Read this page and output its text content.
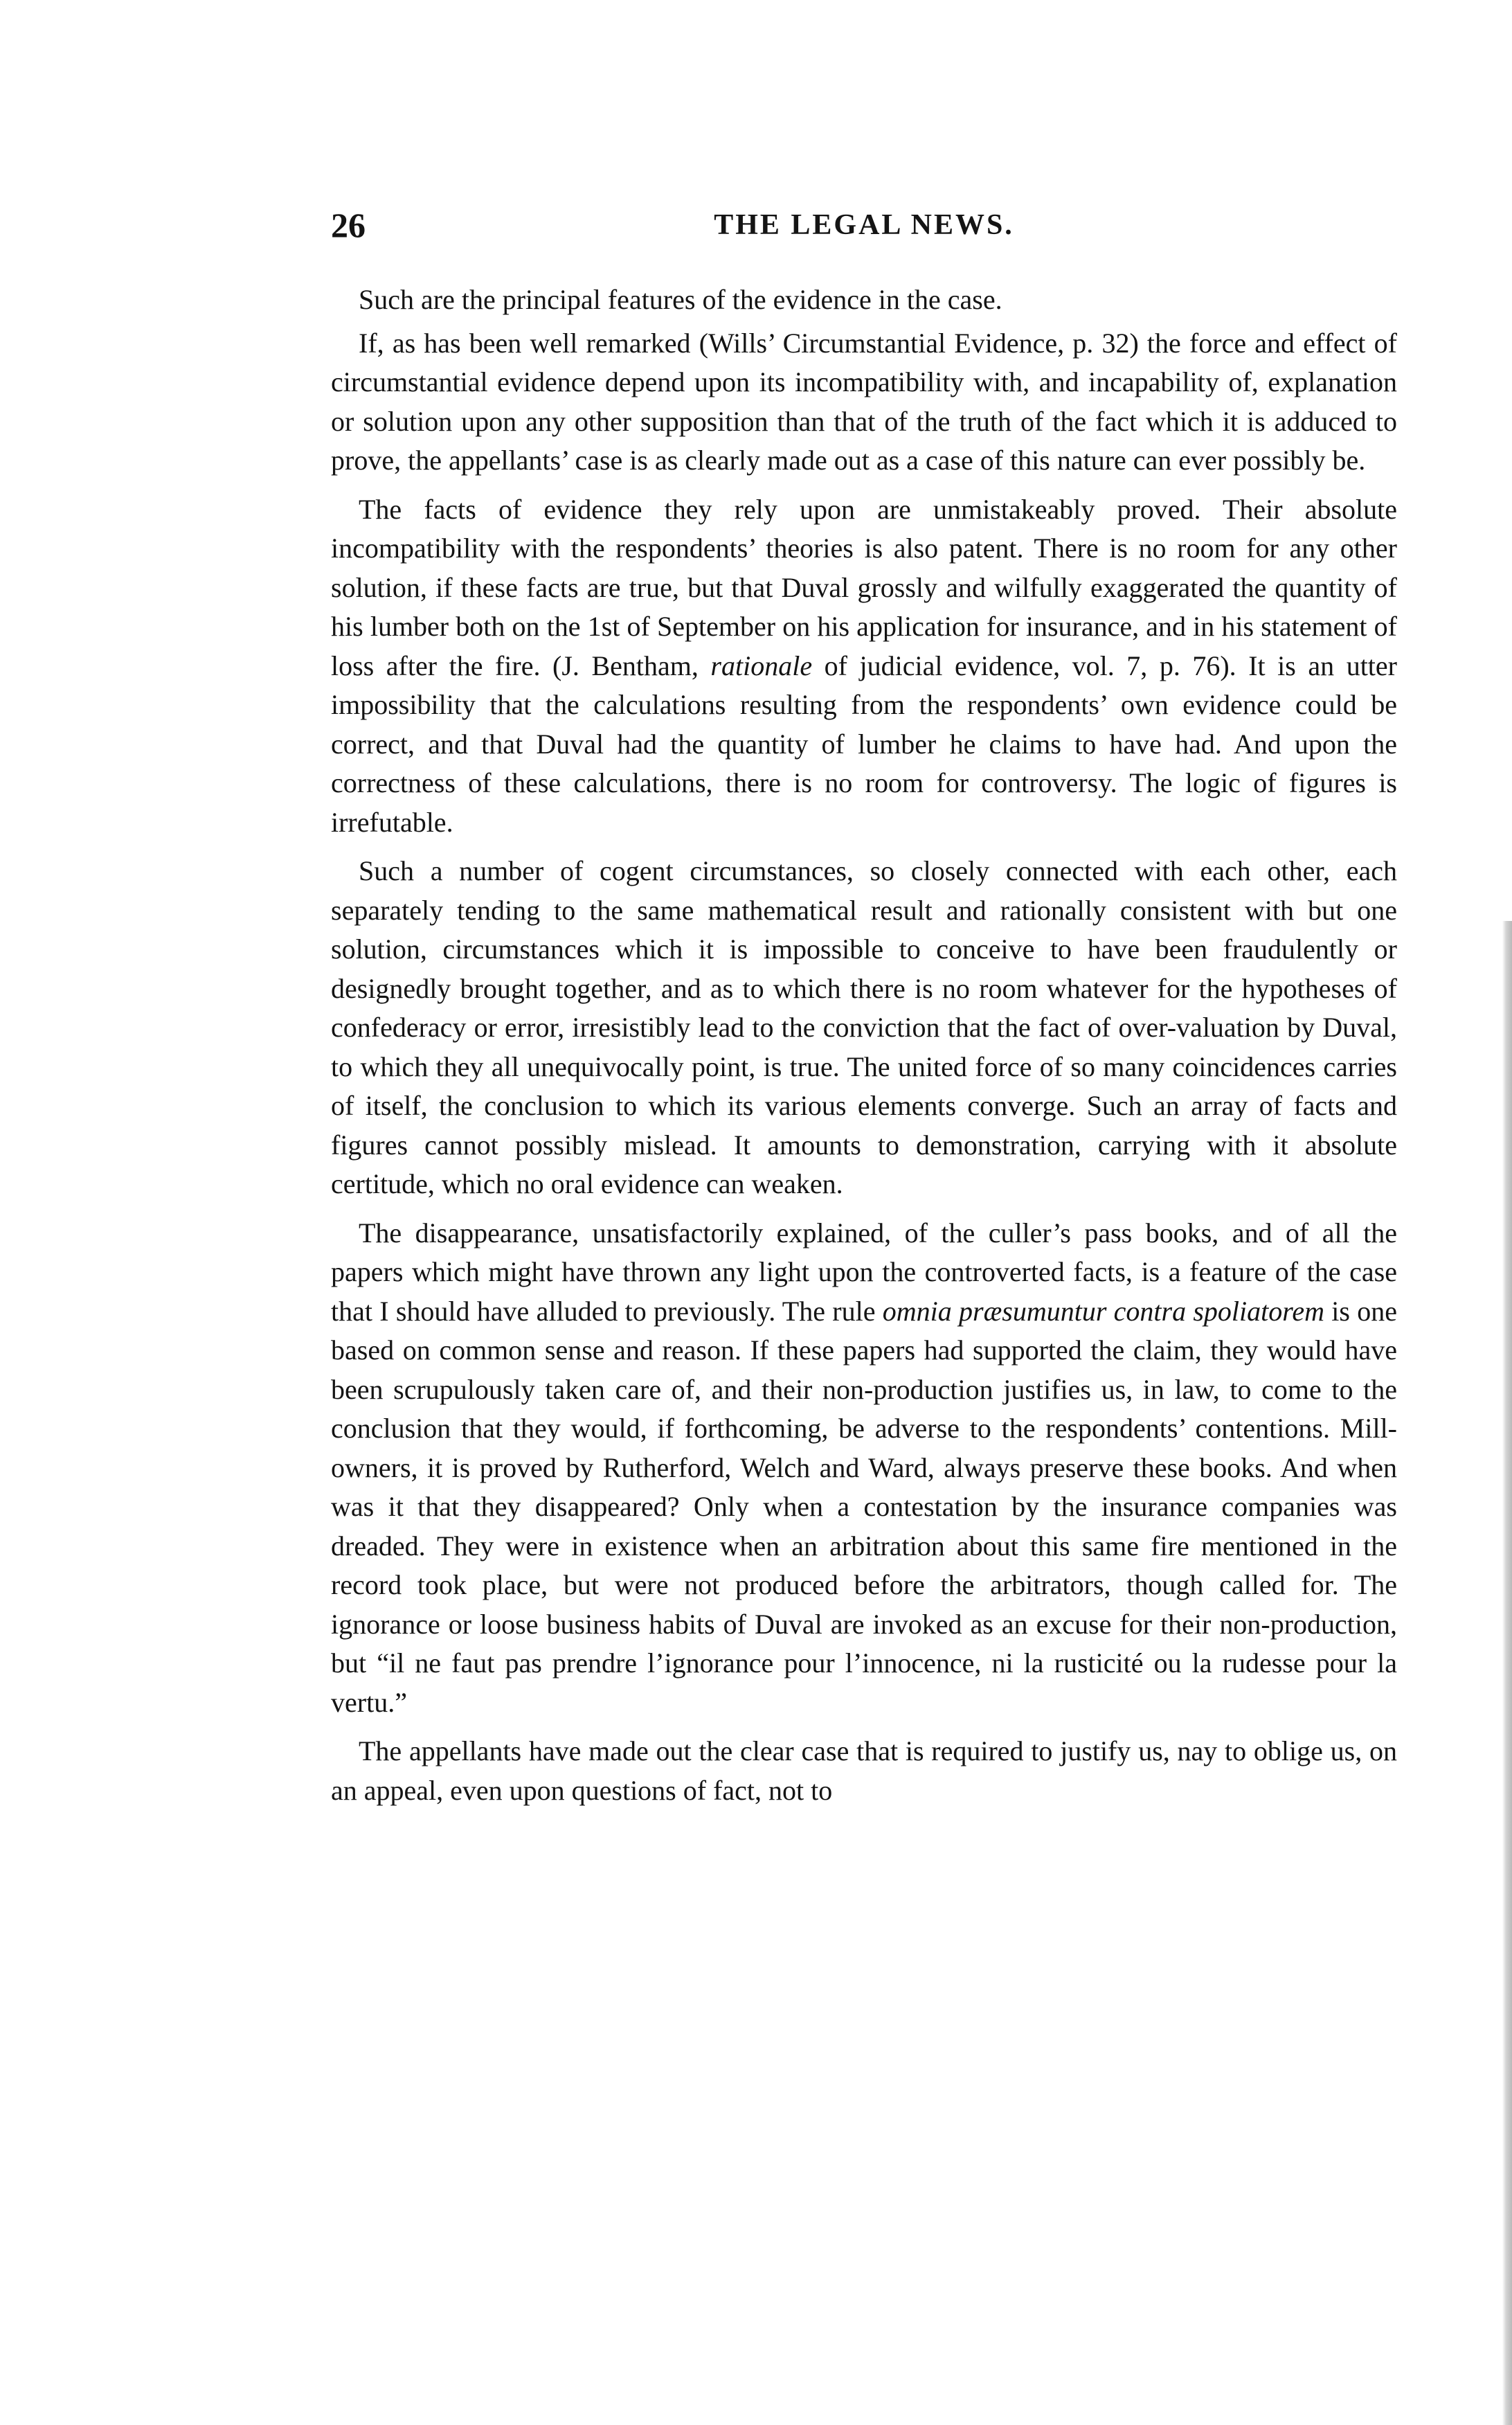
26	THE LEGAL NEWS.

Such are the principal features of the evidence in the case.

If, as has been well remarked (Wills’ Circumstantial Evidence, p. 32) the force and effect of circumstantial evidence depend upon its incompatibility with, and incapability of, explanation or solution upon any other supposition than that of the truth of the fact which it is adduced to prove, the appellants’ case is as clearly made out as a case of this nature can ever possibly be.

The facts of evidence they rely upon are unmistakeably proved. Their absolute incompatibility with the respondents’ theories is also patent. There is no room for any other solution, if these facts are true, but that Duval grossly and wilfully exaggerated the quantity of his lumber both on the 1st of September on his application for insurance, and in his statement of loss after the fire. (J. Bentham, rationale of judicial evidence, vol. 7, p. 76). It is an utter impossibility that the calculations resulting from the respondents’ own evidence could be correct, and that Duval had the quantity of lumber he claims to have had. And upon the correctness of these calculations, there is no room for controversy. The logic of figures is irrefutable.

Such a number of cogent circumstances, so closely connected with each other, each separately tending to the same mathematical result and rationally consistent with but one solution, circumstances which it is impossible to conceive to have been fraudulently or designedly brought together, and as to which there is no room whatever for the hypotheses of confederacy or error, irresistibly lead to the conviction that the fact of over-valuation by Duval, to which they all unequivocally point, is true. The united force of so many coincidences carries of itself, the conclusion to which its various elements converge. Such an array of facts and figures cannot possibly mislead. It amounts to demonstration, carrying with it absolute certitude, which no oral evidence can weaken.

The disappearance, unsatisfactorily explained, of the culler’s pass books, and of all the papers which might have thrown any light upon the controverted facts, is a feature of the case that I should have alluded to previously. The rule omnia præsumuntur contra spoliatorem is one based on common sense and reason. If these papers had supported the claim, they would have been scrupulously taken care of, and their non-production justifies us, in law, to come to the conclusion that they would, if forthcoming, be adverse to the respondents’ contentions. Mill-owners, it is proved by Rutherford, Welch and Ward, always preserve these books. And when was it that they disappeared? Only when a contestation by the insurance companies was dreaded. They were in existence when an arbitration about this same fire mentioned in the record took place, but were not produced before the arbitrators, though called for. The ignorance or loose business habits of Duval are invoked as an excuse for their non-production, but “il ne faut pas prendre l’ignorance pour l’innocence, ni la rusticité ou la rudesse pour la vertu.”

The appellants have made out the clear case that is required to justify us, nay to oblige us, on an appeal, even upon questions of fact, not to
